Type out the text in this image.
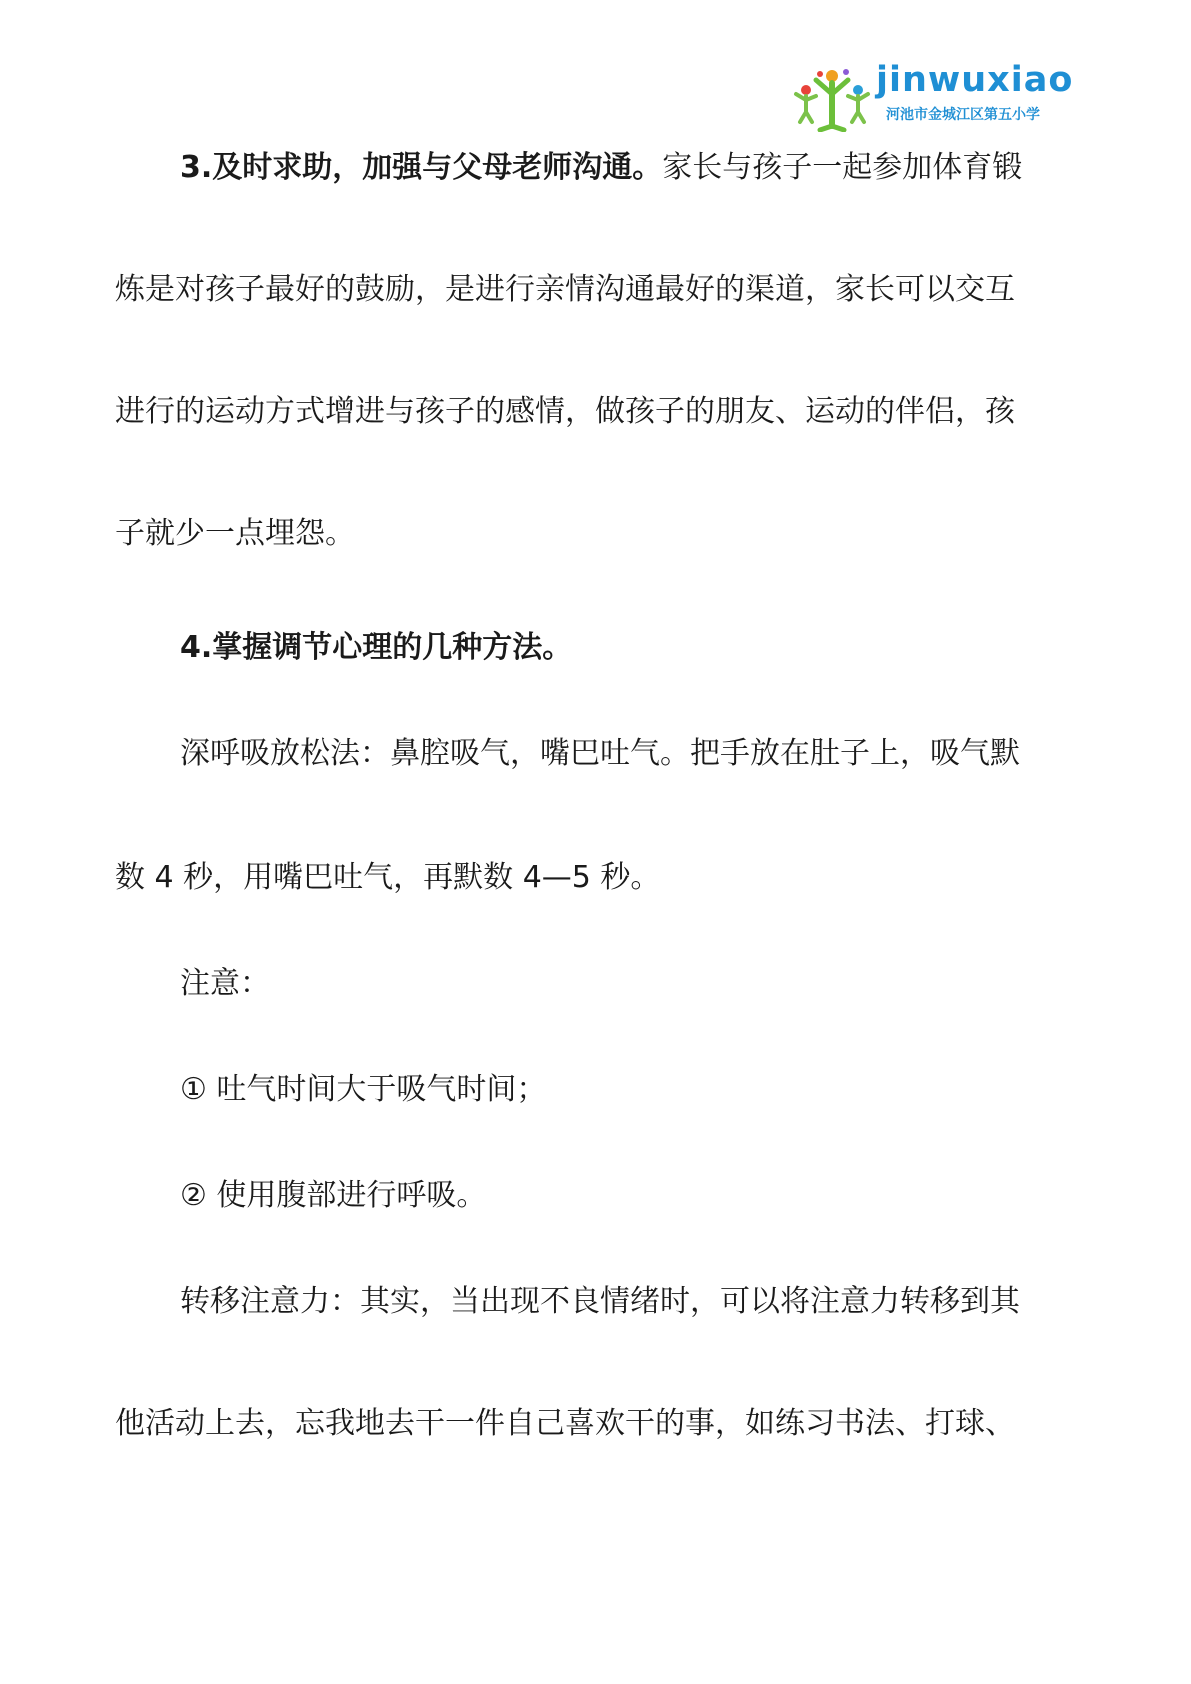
jinwuxiao
河池市金城江区第五小学
3.及时求助，加强与父母老师沟通。家长与孩子一起参加体育锻
炼是对孩子最好的鼓励，是进行亲情沟通最好的渠道，家长可以交互
进行的运动方式增进与孩子的感情，做孩子的朋友、运动的伴侣，孩
子就少一点埋怨。
4.掌握调节心理的几种方法。
深呼吸放松法：鼻腔吸气，嘴巴吐气。把手放在肚子上，吸气默
数 4 秒，用嘴巴吐气，再默数 4—5 秒。
注意：
① 吐气时间大于吸气时间；
② 使用腹部进行呼吸。
转移注意力：其实，当出现不良情绪时，可以将注意力转移到其
他活动上去，忘我地去干一件自己喜欢干的事，如练习书法、打球、
